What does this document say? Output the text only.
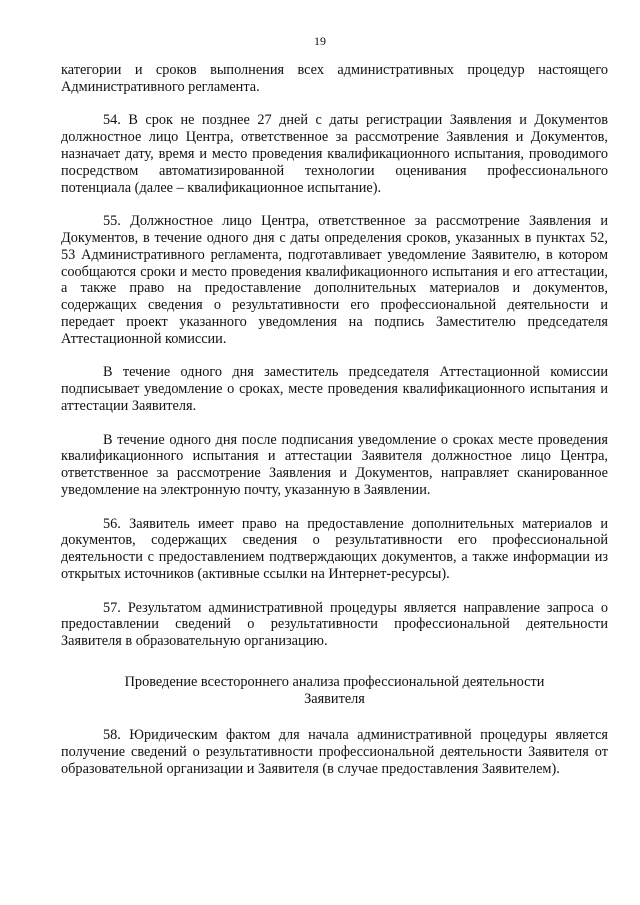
19

категории и сроков выполнения всех административных процедур настоящего Административного регламента.

54. В срок не позднее 27 дней с даты регистрации Заявления и Документов должностное лицо Центра, ответственное за рассмотрение Заявления и Документов, назначает дату, время и место проведения квалификационного испытания, проводимого посредством автоматизированной технологии оценивания профессионального потенциала (далее – квалификационное испытание).

55. Должностное лицо Центра, ответственное за рассмотрение Заявления и Документов, в течение одного дня с даты определения сроков, указанных в пунктах 52, 53 Административного регламента, подготавливает уведомление Заявителю, в котором сообщаются сроки и место проведения квалификационного испытания и его аттестации, а также право на предоставление дополнительных материалов и документов, содержащих сведения о результативности его профессиональной деятельности и передает проект указанного уведомления на подпись Заместителю председателя Аттестационной комиссии.

В течение одного дня заместитель председателя Аттестационной комиссии подписывает уведомление о сроках, месте проведения квалификационного испытания и аттестации Заявителя.

В течение одного дня после подписания уведомление о сроках месте проведения квалификационного испытания и аттестации Заявителя должностное лицо Центра, ответственное за рассмотрение Заявления и Документов, направляет сканированное уведомление на электронную почту, указанную в Заявлении.

56. Заявитель имеет право на предоставление дополнительных материалов и документов, содержащих сведения о результативности его профессиональной деятельности с предоставлением подтверждающих документов, а также информации из открытых источников (активные ссылки на Интернет-ресурсы).

57. Результатом административной процедуры является направление запроса о предоставлении сведений о результативности профессиональной деятельности Заявителя в образовательную организацию.

Проведение всестороннего анализа профессиональной деятельности
Заявителя

58. Юридическим фактом для начала административной процедуры является получение сведений о результативности профессиональной деятельности Заявителя от образовательной организации и Заявителя (в случае предоставления Заявителем).
